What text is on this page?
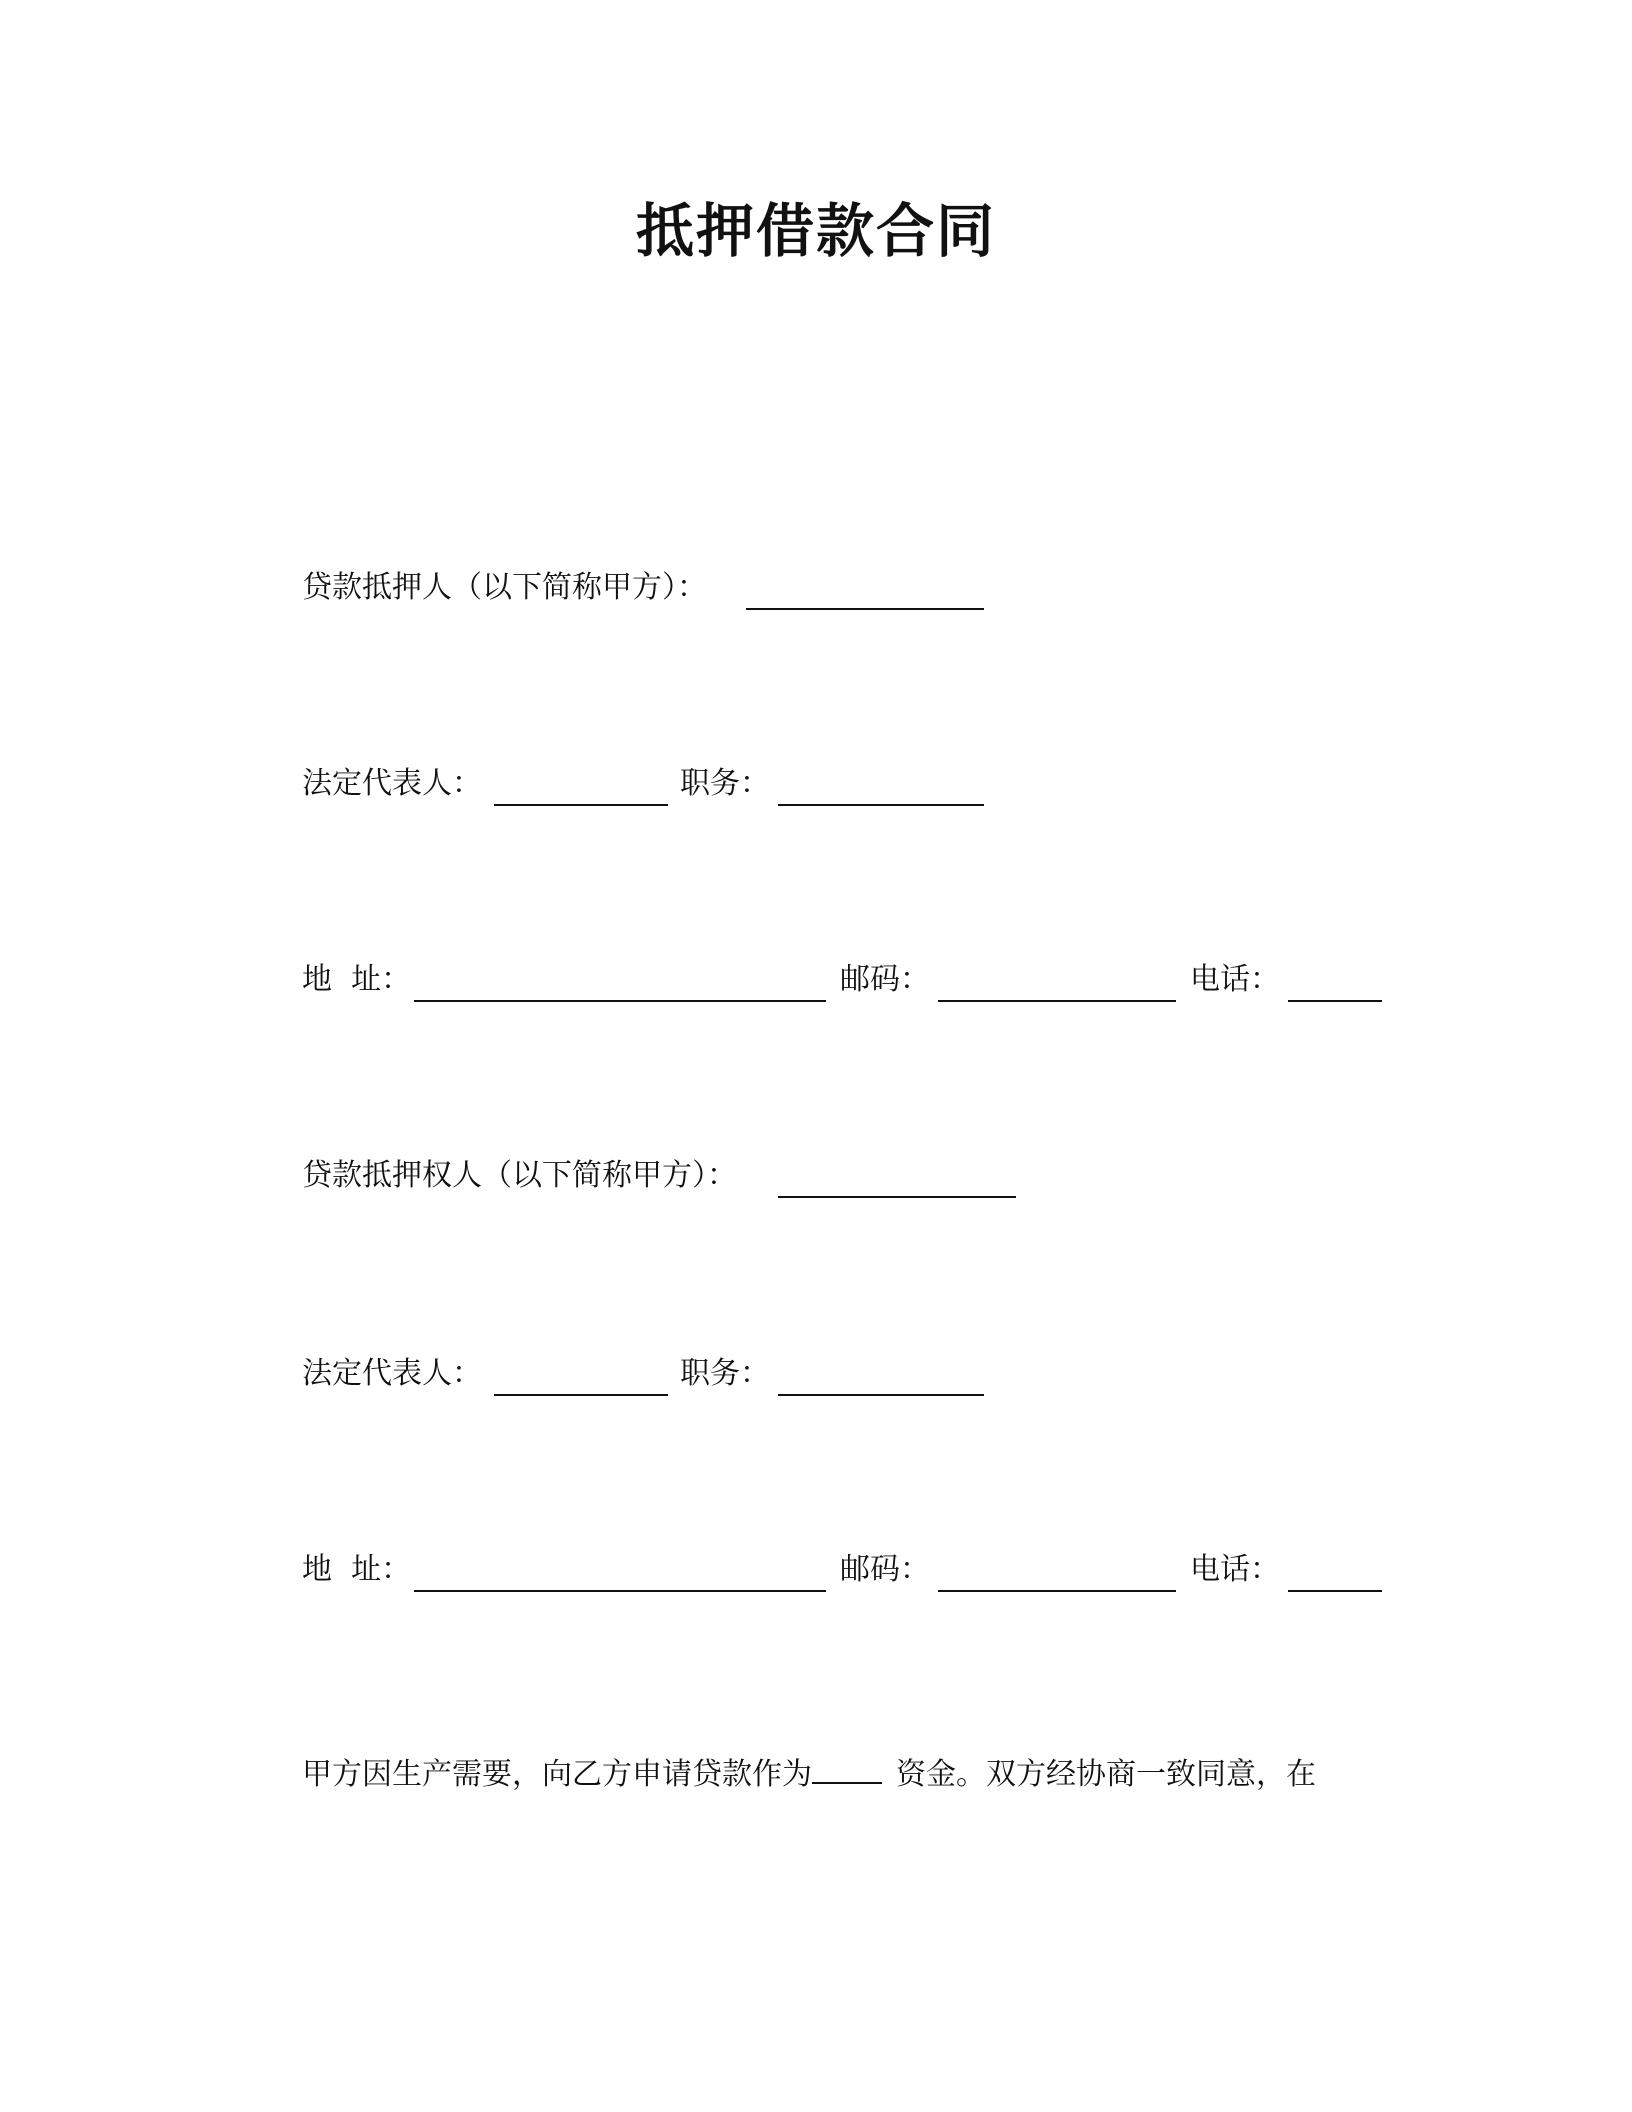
抵押借款合同
贷款抵押人（以下简称甲方）：
法定代表人：	职务：
地  址：	邮码：	电话：
贷款抵押权人（以下简称甲方）：
法定代表人：	职务：
地  址：	邮码：	电话：
甲方因生产需要，向乙方申请贷款作为	资金。双方经协商一致同意，在
